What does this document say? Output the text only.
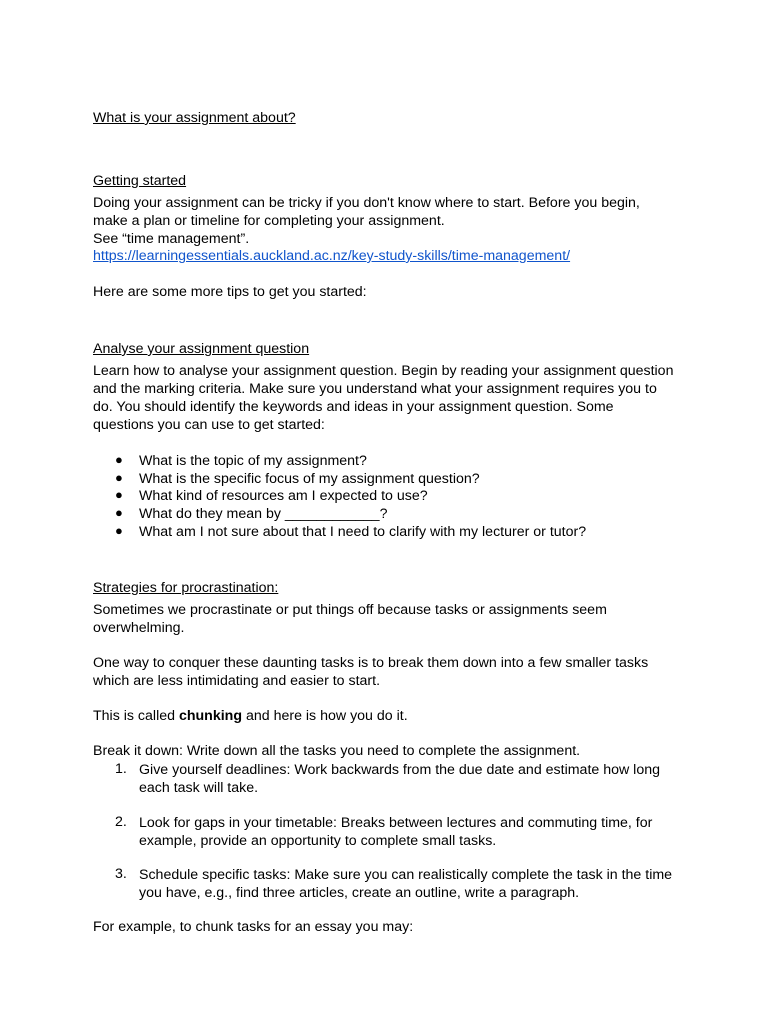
What is your assignment about?
Getting started
Doing your assignment can be tricky if you don't know where to start. Before you begin,
make a plan or timeline for completing your assignment.
See “time management”.
https://learningessentials.auckland.ac.nz/key-study-skills/time-management/
Here are some more tips to get you started:
Analyse your assignment question
Learn how to analyse your assignment question. Begin by reading your assignment question
and the marking criteria. Make sure you understand what your assignment requires you to
do. You should identify the keywords and ideas in your assignment question. Some
questions you can use to get started:
● What is the topic of my assignment?
● What is the specific focus of my assignment question?
● What kind of resources am I expected to use?
● What do they mean by ____________?
● What am I not sure about that I need to clarify with my lecturer or tutor?
Strategies for procrastination:
Sometimes we procrastinate or put things off because tasks or assignments seem
overwhelming.
One way to conquer these daunting tasks is to break them down into a few smaller tasks
which are less intimidating and easier to start.
This is called chunking and here is how you do it.
Break it down: Write down all the tasks you need to complete the assignment.
1. Give yourself deadlines: Work backwards from the due date and estimate how long
each task will take.
2. Look for gaps in your timetable: Breaks between lectures and commuting time, for
example, provide an opportunity to complete small tasks.
3. Schedule specific tasks: Make sure you can realistically complete the task in the time
you have, e.g., find three articles, create an outline, write a paragraph.
For example, to chunk tasks for an essay you may:
